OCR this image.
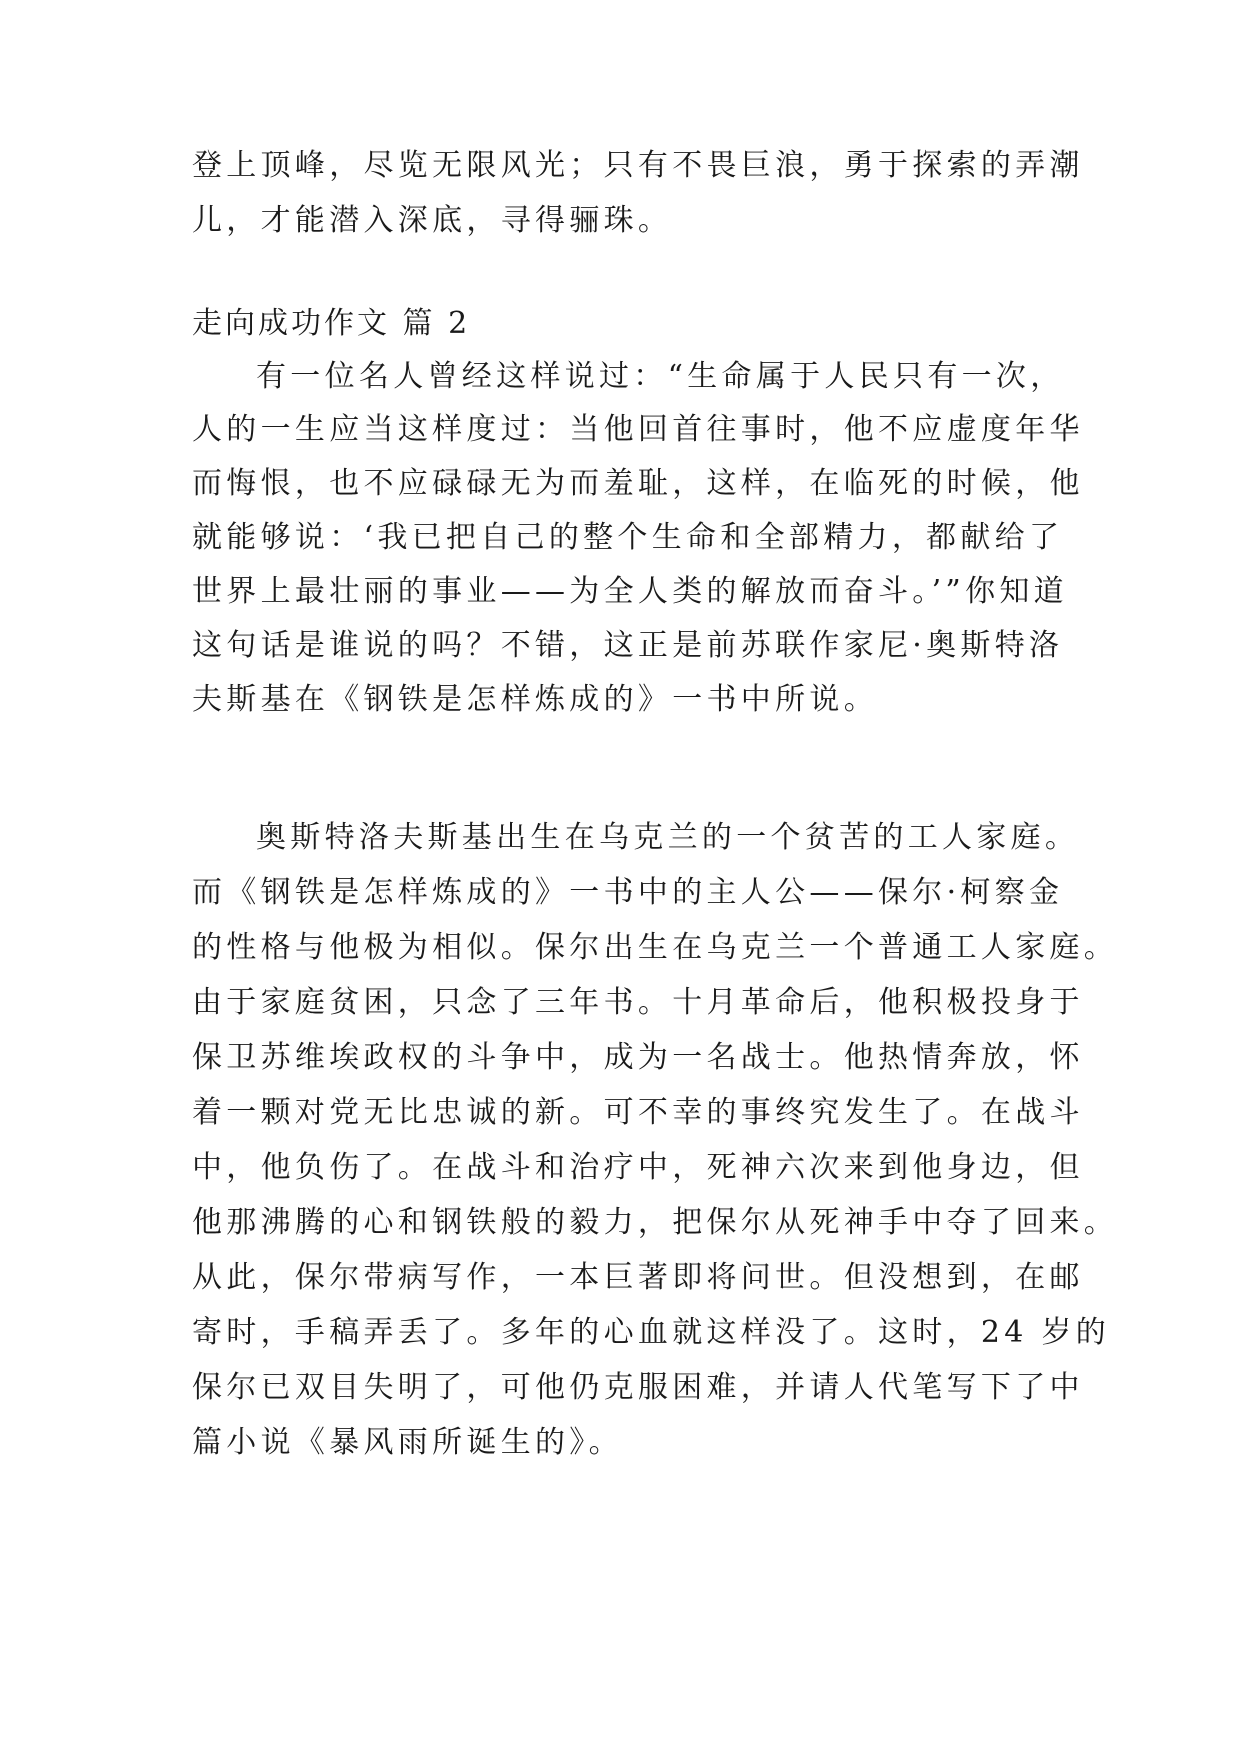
登上顶峰，尽览无限风光；只有不畏巨浪，勇于探索的弄潮

儿，才能潜入深底，寻得骊珠。

走向成功作文 篇 2

有一位名人曾经这样说过：“生命属于人民只有一次，

人的一生应当这样度过：当他回首往事时，他不应虚度年华

而悔恨，也不应碌碌无为而羞耻，这样，在临死的时候，他

就能够说：‘我已把自己的整个生命和全部精力，都献给了

世界上最壮丽的事业——为全人类的解放而奋斗。’”你知道

这句话是谁说的吗？不错，这正是前苏联作家尼·奥斯特洛

夫斯基在《钢铁是怎样炼成的》一书中所说。

奥斯特洛夫斯基出生在乌克兰的一个贫苦的工人家庭。

而《钢铁是怎样炼成的》一书中的主人公——保尔·柯察金

的性格与他极为相似。保尔出生在乌克兰一个普通工人家庭。

由于家庭贫困，只念了三年书。十月革命后，他积极投身于

保卫苏维埃政权的斗争中，成为一名战士。他热情奔放，怀

着一颗对党无比忠诚的新。可不幸的事终究发生了。在战斗

中，他负伤了。在战斗和治疗中，死神六次来到他身边，但

他那沸腾的心和钢铁般的毅力，把保尔从死神手中夺了回来。

从此，保尔带病写作，一本巨著即将问世。但没想到，在邮

寄时，手稿弄丢了。多年的心血就这样没了。这时，24 岁的

保尔已双目失明了，可他仍克服困难，并请人代笔写下了中

篇小说《暴风雨所诞生的》。
